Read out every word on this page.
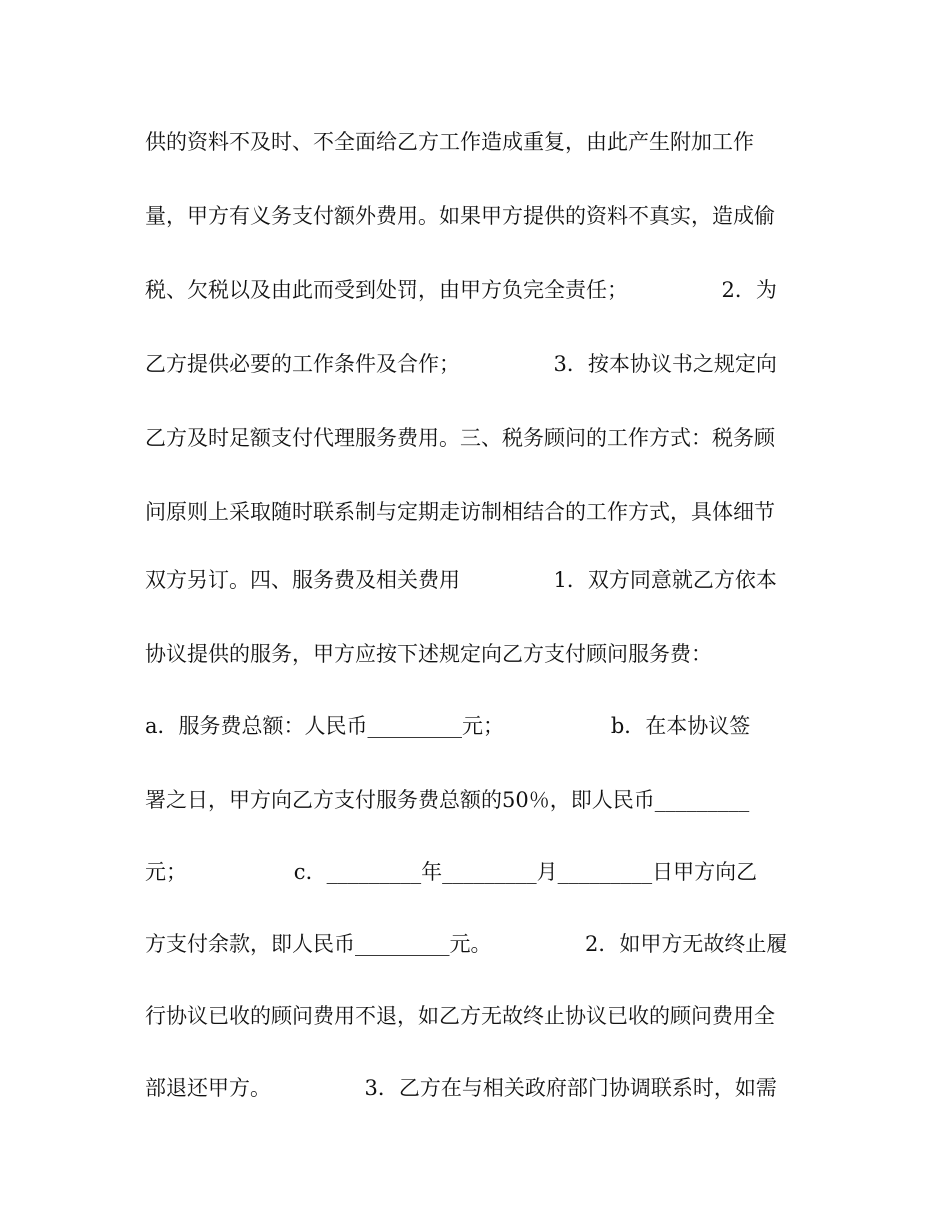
供的资料不及时、不全面给乙方工作造成重复，由此产生附加工作
量，甲方有义务支付额外费用。如果甲方提供的资料不真实，造成偷
税、欠税以及由此而受到处罚，由甲方负完全责任；              2．为
乙方提供必要的工作条件及合作；              3．按本协议书之规定向
乙方及时足额支付代理服务费用。三、税务顾问的工作方式：税务顾
问原则上采取随时联系制与定期走访制相结合的工作方式，具体细节
双方另订。四、服务费及相关费用              1．双方同意就乙方依本
协议提供的服务，甲方应按下述规定向乙方支付顾问服务费：
a．服务费总额：人民币_________元；                b．在本协议签
署之日，甲方向乙方支付服务费总额的50％，即人民币_________
元；                c．_________年_________月_________日甲方向乙
方支付余款，即人民币_________元。              2．如甲方无故终止履
行协议已收的顾问费用不退，如乙方无故终止协议已收的顾问费用全
部退还甲方。              3．乙方在与相关政府部门协调联系时，如需
